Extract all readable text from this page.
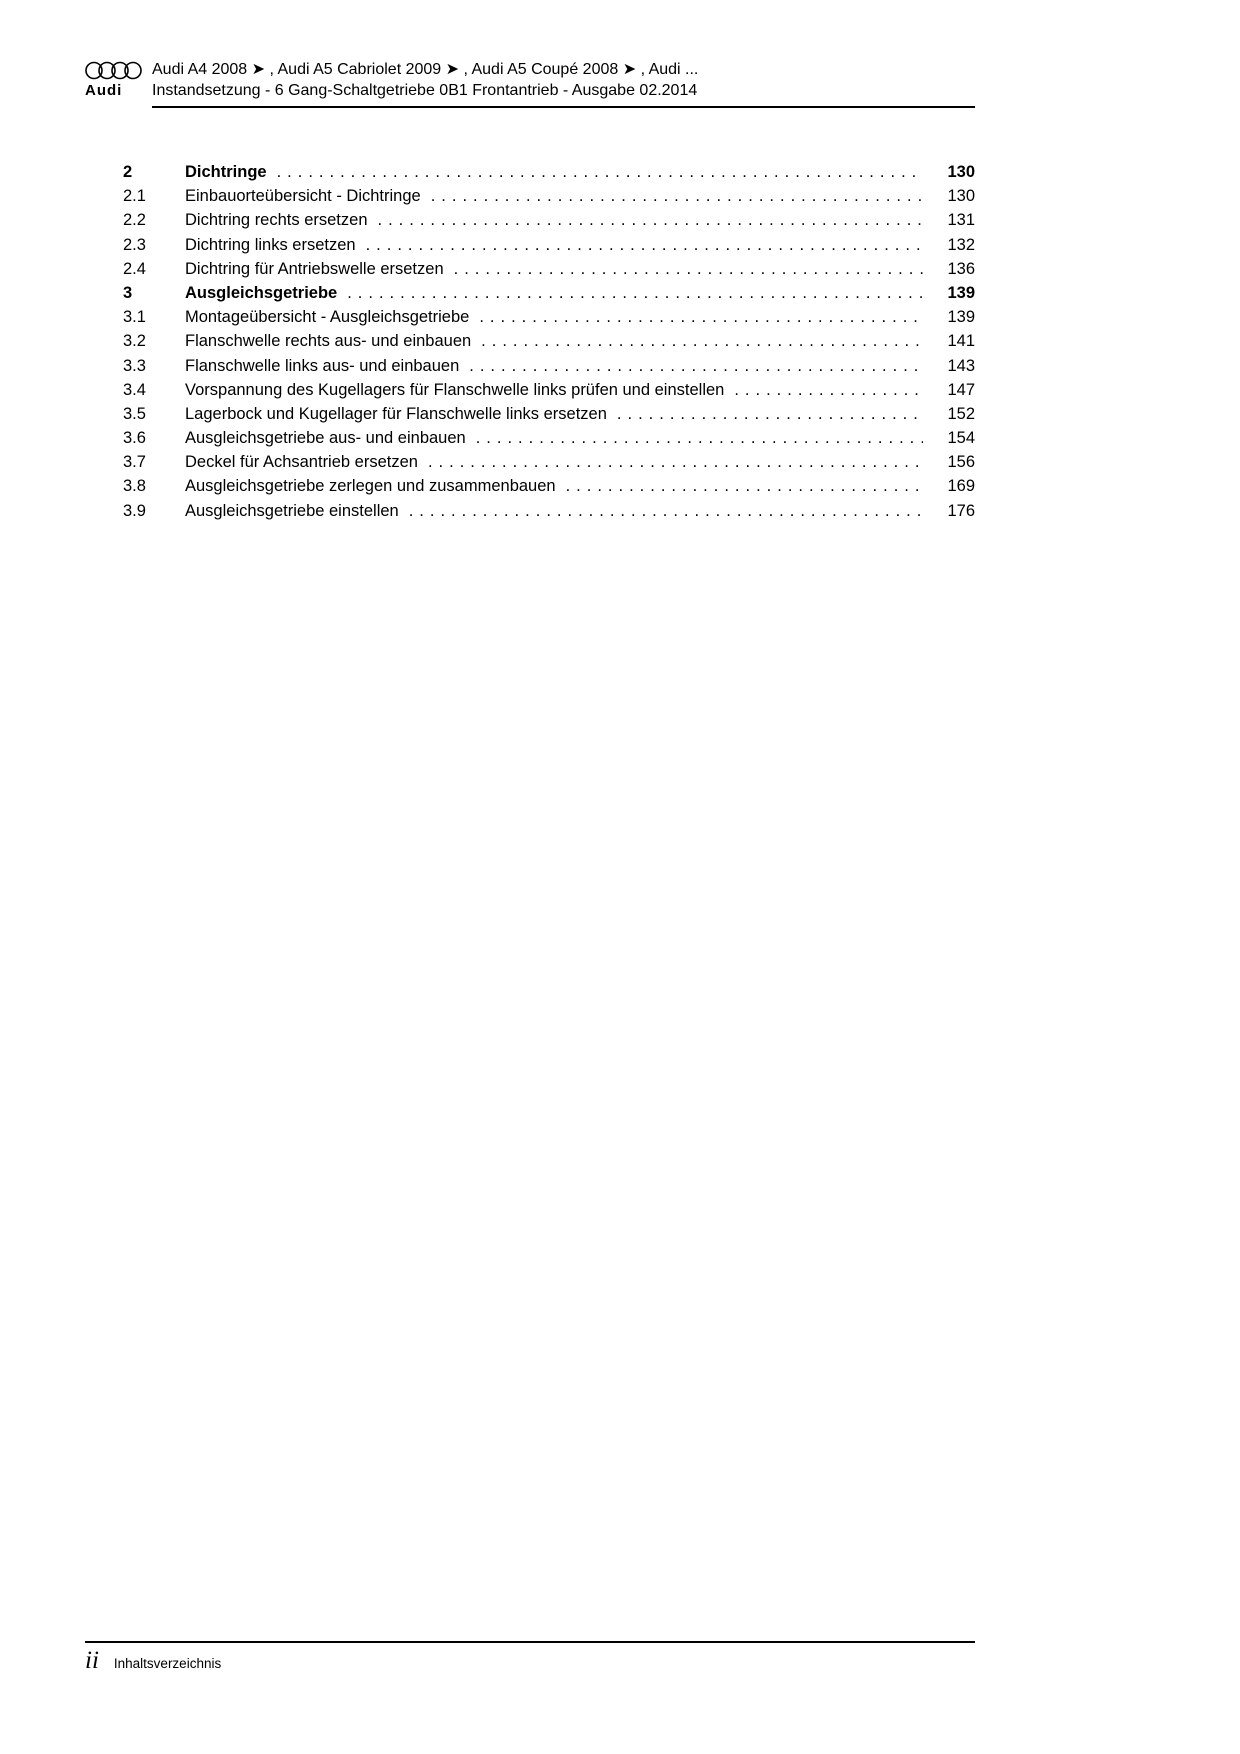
Audi
Audi A4 2008 ➤ , Audi A5 Cabriolet 2009 ➤ , Audi A5 Coupé 2008 ➤ , Audi ...
Instandsetzung - 6 Gang-Schaltgetriebe 0B1 Frontantrieb - Ausgabe 02.2014
2	Dichtringe .....	130
2.1	Einbauorteübersicht - Dichtringe .....	130
2.2	Dichtring rechts ersetzen .....	131
2.3	Dichtring links ersetzen .....	132
2.4	Dichtring für Antriebswelle ersetzen .....	136
3	Ausgleichsgetriebe .....	139
3.1	Montageübersicht - Ausgleichsgetriebe .....	139
3.2	Flanschwelle rechts aus- und einbauen .....	141
3.3	Flanschwelle links aus- und einbauen .....	143
3.4	Vorspannung des Kugellagers für Flanschwelle links prüfen und einstellen .....	147
3.5	Lagerbock und Kugellager für Flanschwelle links ersetzen .....	152
3.6	Ausgleichsgetriebe aus- und einbauen .....	154
3.7	Deckel für Achsantrieb ersetzen .....	156
3.8	Ausgleichsgetriebe zerlegen und zusammenbauen .....	169
3.9	Ausgleichsgetriebe einstellen .....	176
ii Inhaltsverzeichnis
